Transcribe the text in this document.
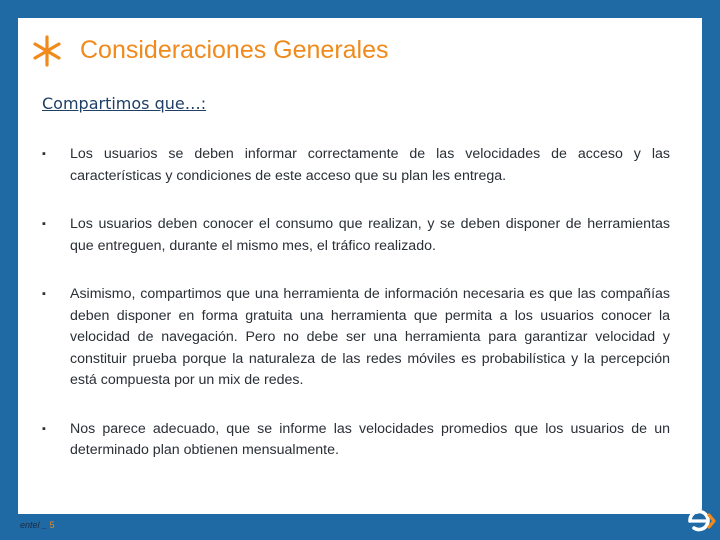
Consideraciones Generales
Compartimos que…:
▪ Los usuarios se deben informar correctamente de las velocidades de acceso y las características y condiciones de este acceso que su plan les entrega.
▪ Los usuarios deben conocer el consumo que realizan, y se deben disponer de herramientas que entreguen, durante el mismo mes, el tráfico realizado.
▪ Asimismo, compartimos que una herramienta de información necesaria es que las compañías deben disponer en forma gratuita una herramienta que permita a los usuarios conocer la velocidad de navegación. Pero no debe ser una herramienta para garantizar velocidad y constituir prueba porque la naturaleza de las redes móviles es probabilística y la percepción está compuesta por un mix de redes.
▪ Nos parece adecuado, que se informe las velocidades promedios que los usuarios de un determinado plan obtienen mensualmente.
entel _ 5
